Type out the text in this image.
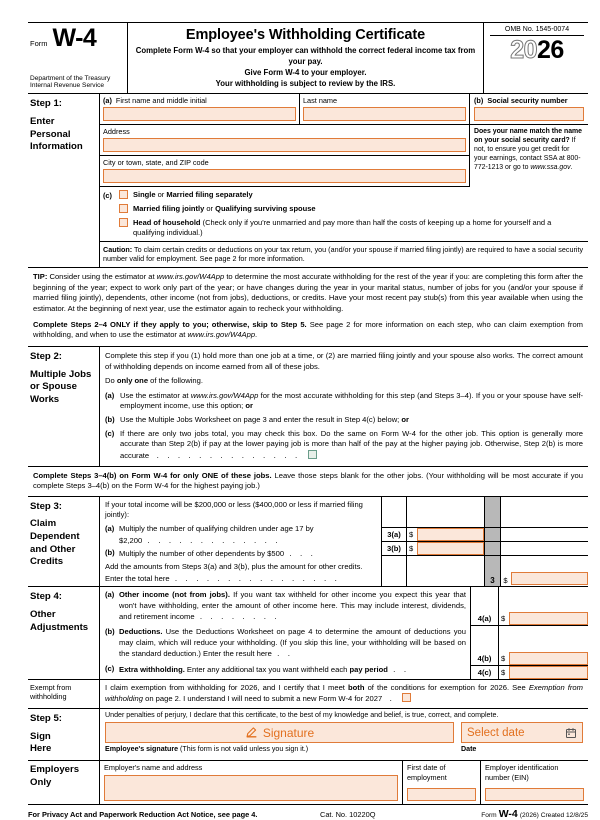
Form W-4
Department of the Treasury
Internal Revenue Service
Employee's Withholding Certificate
Complete Form W-4 so that your employer can withhold the correct federal income tax from your pay.
Give Form W-4 to your employer.
Your withholding is subject to review by the IRS.
OMB No. 1545-0074
2026
Step 1:
Enter
Personal
Information
(a) First name and middle initial	Last name	(b) Social security number
Address
City or town, state, and ZIP code
Does your name match the name on your social security card? If not, to ensure you get credit for your earnings, contact SSA at 800-772-1213 or go to www.ssa.gov.
(c)	Single or Married filing separately
Married filing jointly or Qualifying surviving spouse
Head of household (Check only if you're unmarried and pay more than half the costs of keeping up a home for yourself and a qualifying individual.)
Caution: To claim certain credits or deductions on your tax return, you (and/or your spouse if married filing jointly) are required to have a social security number valid for employment. See page 2 for more information.

TIP: Consider using the estimator at www.irs.gov/W4App to determine the most accurate withholding for the rest of the year if you: are completing this form after the beginning of the year; expect to work only part of the year; or have changes during the year in your marital status, number of jobs for you (and/or your spouse if married filing jointly), dependents, other income (not from jobs), deductions, or credits. Have your most recent pay stub(s) from this year available when using the estimator. At the beginning of next year, use the estimator again to recheck your withholding.

Complete Steps 2–4 ONLY if they apply to you; otherwise, skip to Step 5. See page 2 for more information on each step, who can claim exemption from withholding, and when to use the estimator at www.irs.gov/W4App.

Step 2:
Multiple Jobs
or Spouse
Works

Complete this step if you (1) hold more than one job at a time, or (2) are married filing jointly and your spouse also works. The correct amount of withholding depends on income earned from all of these jobs.

Do only one of the following.

(a) Use the estimator at www.irs.gov/W4App for the most accurate withholding for this step (and Steps 3–4). If you or your spouse have self-employment income, use this option; or
(b) Use the Multiple Jobs Worksheet on page 3 and enter the result in Step 4(c) below; or
(c) If there are only two jobs total, you may check this box. Do the same on Form W-4 for the other job. This option is generally more accurate than Step 2(b) if pay at the lower paying job is more than half of the pay at the higher paying job. Otherwise, Step 2(b) is more accurate  . . . . . . . . . . . . . .

Complete Steps 3–4(b) on Form W-4 for only ONE of these jobs. Leave those steps blank for the other jobs. (Your withholding will be most accurate if you complete Steps 3–4(b) on the Form W-4 for the highest paying job.)

Step 3:
Claim
Dependent
and Other
Credits
If your total income will be $200,000 or less ($400,000 or less if married filing jointly):
(a) Multiply the number of qualifying children under age 17 by $2,200 . . . . . . . . . . . . .
(b) Multiply the number of other dependents by $500 . . .
Add the amounts from Steps 3(a) and 3(b), plus the amount for other credits. Enter the total here . . . . . . . . . . . . . . . .
3(a)	$
3(b)	$
3 $
Step 4:
Other
Adjustments
(a) Other income (not from jobs). If you want tax withheld for other income you expect this year that won't have withholding, enter the amount of other income here. This may include interest, dividends, and retirement income . . . . . . . .
(b) Deductions. Use the Deductions Worksheet on page 4 to determine the amount of deductions you may claim, which will reduce your withholding. (If you skip this line, your withholding will be based on the standard deduction.) Enter the result here . .
(c) Extra withholding. Enter any additional tax you want withheld each pay period . .
4(a) $
4(b) $
4(c) $
Exempt from
withholding
I claim exemption from withholding for 2026, and I certify that I meet both of the conditions for exemption for 2026. See Exemption from withholding on page 2. I understand I will need to submit a new Form W-4 for 2027  .
Step 5:
Sign
Here
Under penalties of perjury, I declare that this certificate, to the best of my knowledge and belief, is true, correct, and complete.
Signature	Select date
Employee's signature (This form is not valid unless you sign it.)	Date
Employers
Only
Employer's name and address	First date of
employment
Employer identification
number (EIN)
For Privacy Act and Paperwork Reduction Act Notice, see page 4.	Cat. No. 10220Q	Form W-4 (2026) Created 12/8/25
